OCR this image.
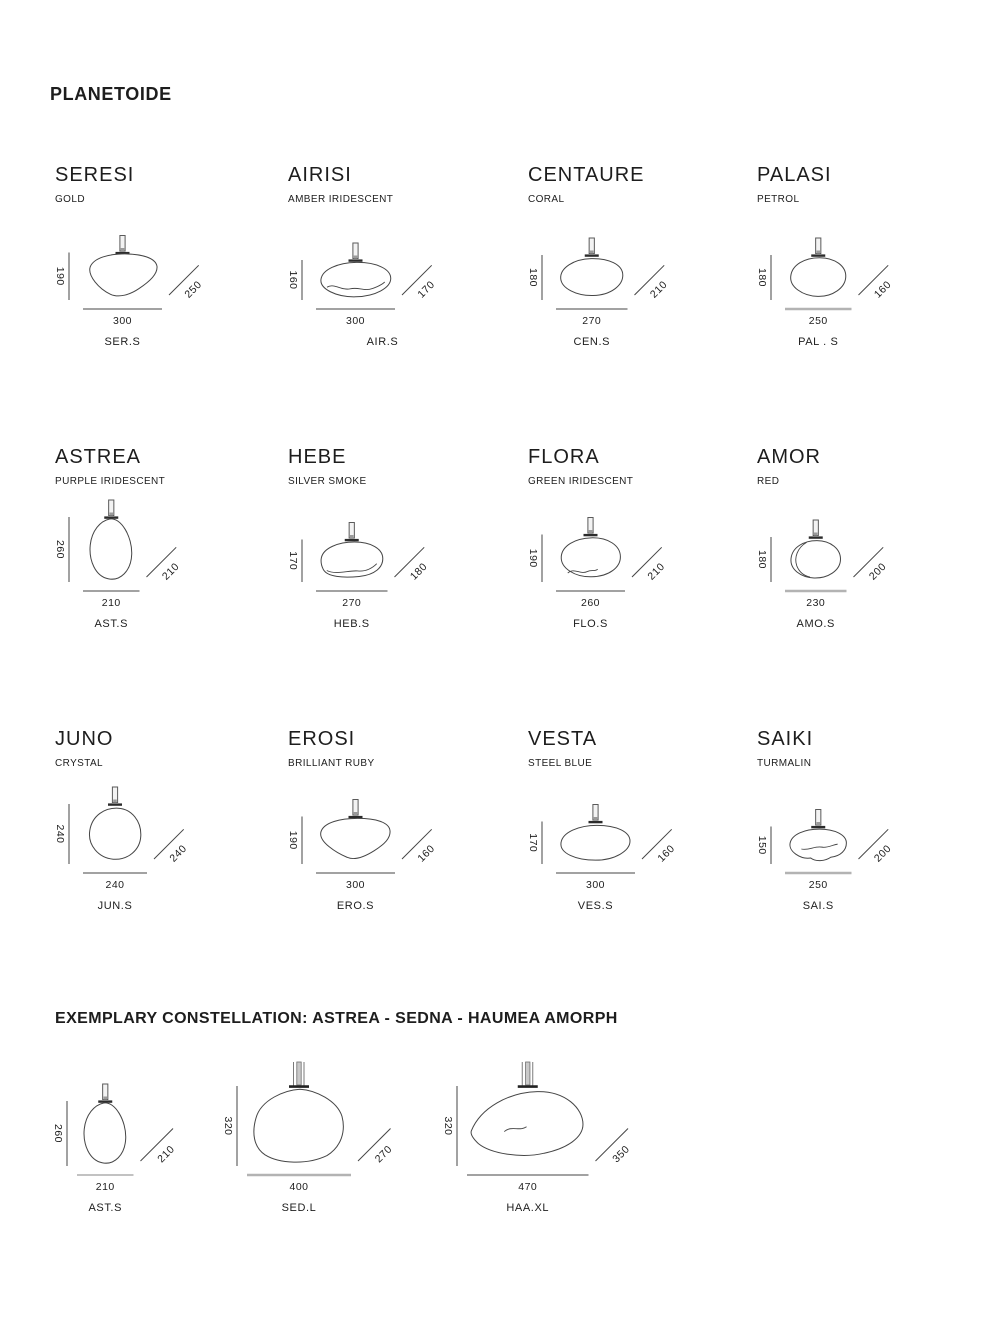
PLANETOIDE
SERESI
GOLD
190
250
300
SER.S
AIRISI
AMBER IRIDESCENT
160	170
300
AIR.S
CENTAURE
CORAL
180
210
270
CEN.S
PALASI
PETROL
180
160
250
PAL . S
ASTREA
PURPLE IRIDESCENT
260
210
210
AST.S
HEBE
SILVER SMOKE
170	180
270
HEB.S
FLORA
GREEN IRIDESCENT
190
210
260
FLO.S
AMOR
RED
180
200
230
AMO.S
JUNO
CRYSTAL
240
240
240
JUN.S
EROSI
BRILLIANT RUBY
190
160
300
ERO.S
VESTA
STEEL BLUE
170	160
300
VES.S
SAIKI
TURMALIN
150	200
250
SAI.S
EXEMPLARY CONSTELLATION: ASTREA - SEDNA - HAUMEA AMORPH
260
210
210
AST.S
320
270
400
SED.L
320
350
470
HAA.XL
